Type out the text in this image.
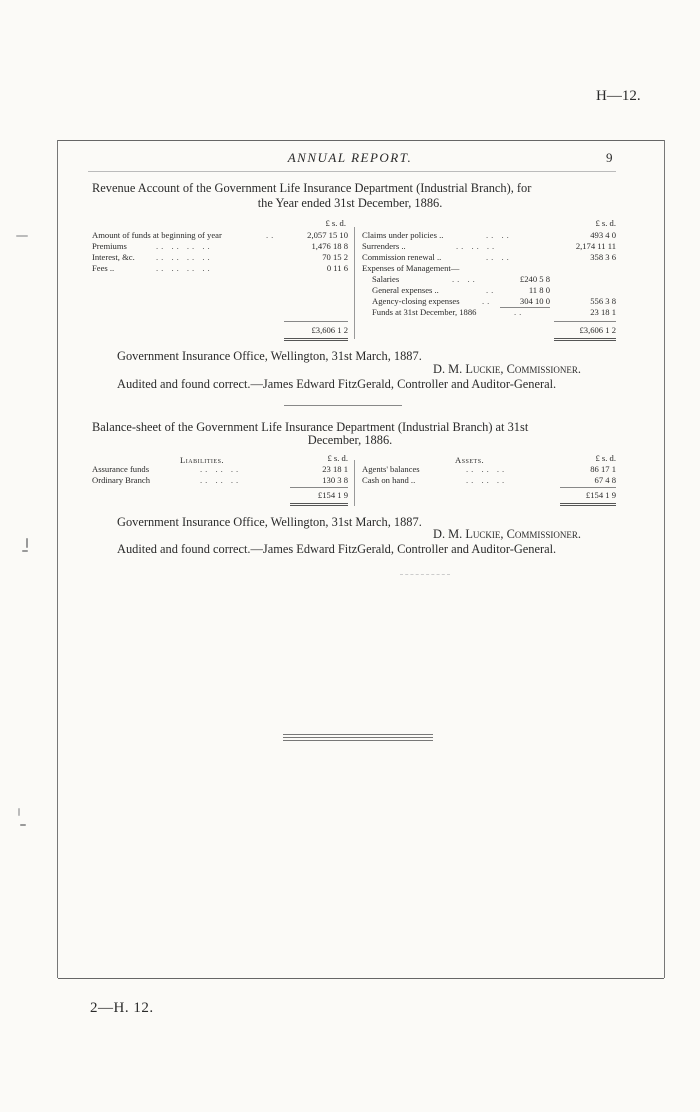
H—12.
ANNUAL REPORT.	9
Revenue Account of the Government Life Insurance Department (Industrial Branch), for
the Year ended 31st December, 1886.
£ s. d.	£ s. d.
Amount of funds at beginning of year	..	2,057 15 10
Premiums	.. .. .. ..	1,476 18 8
Interest, &c. .. .. .. ..	70 15 2
Fees ..	.. .. .. ..	0 11 6
Claims under policies ..	.. ..	493 4 0
Surrenders ..	.. .. ..	2,174 11 11
Commission renewal ..	.. ..	358 3 6
Expenses of Management—
Salaries	.. ..	£240 5 8
General expenses ..	..	11 8 0
Agency-closing expenses	..	304 10 0	556 3 8
Funds at 31st December, 1886	..	23 18 1
£3,606 1 2	£3,606 1 2
Government Insurance Office, Wellington, 31st March, 1887.
D. M. Luckie, Commissioner.
Audited and found correct.—James Edward FitzGerald, Controller and Auditor-General.
Balance-sheet of the Government Life Insurance Department (Industrial Branch) at 31st
December, 1886.
Liabilities.	Assets.
£ s. d.	£ s. d.
Assurance funds	.. .. ..	23 18 1
Ordinary Branch	.. .. ..	130 3 8
Agents' balances	.. .. ..	86 17 1
Cash on hand ..	.. .. ..	67 4 8
£154 1 9	£154 1 9
Government Insurance Office, Wellington, 31st March, 1887.
D. M. Luckie, Commissioner.
Audited and found correct.—James Edward FitzGerald, Controller and Auditor-General.
2—H. 12.
